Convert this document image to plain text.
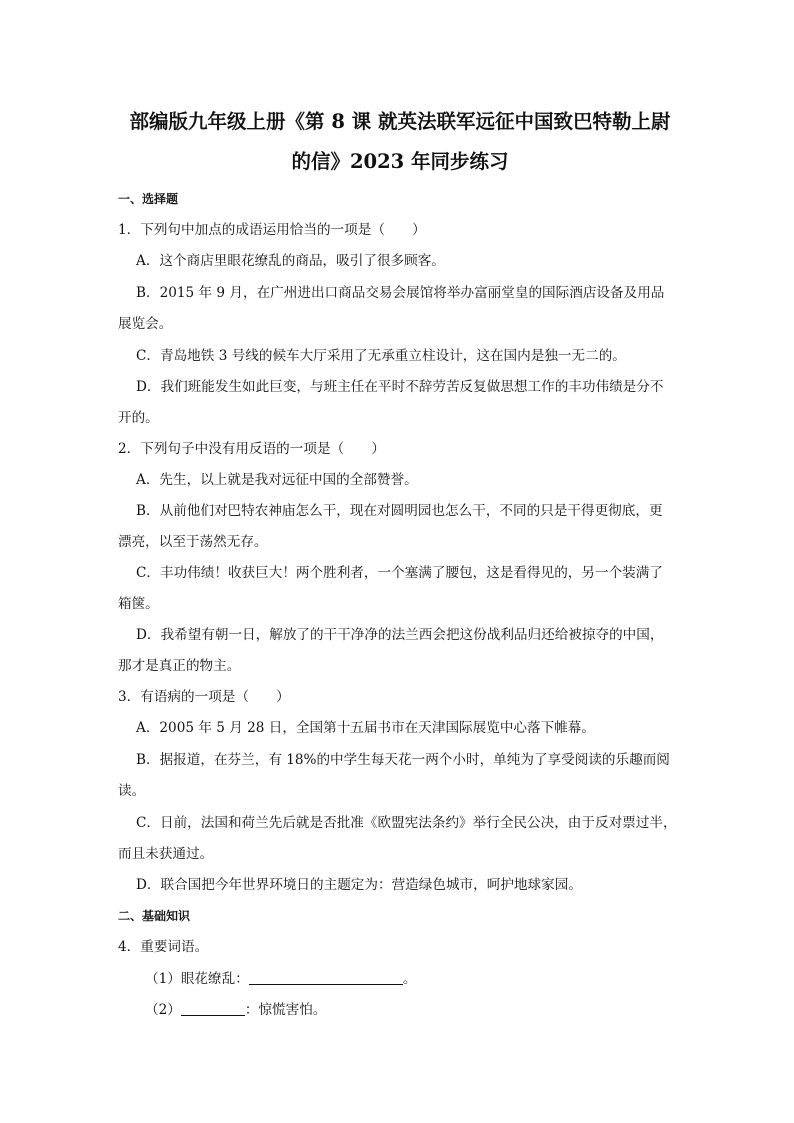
部编版九年级上册《第 8 课 就英法联军远征中国致巴特勒上尉
的信》2023 年同步练习
一、选择题
1．下列句中加点的成语运用恰当的一项是（　　）
A．这个商店里眼花缭乱的商品，吸引了很多顾客。
B．2015 年 9 月，在广州进出口商品交易会展馆将举办富丽堂皇的国际酒店设备及用品
展览会。
C．青岛地铁 3 号线的候车大厅采用了无承重立柱设计，这在国内是独一无二的。
D．我们班能发生如此巨变，与班主任在平时不辞劳苦反复做思想工作的丰功伟绩是分不
开的。
2．下列句子中没有用反语的一项是（　　）
A．先生，以上就是我对远征中国的全部赞誉。
B．从前他们对巴特农神庙怎么干，现在对圆明园也怎么干，不同的只是干得更彻底，更
漂亮，以至于荡然无存。
C．丰功伟绩！收获巨大！两个胜利者，一个塞满了腰包，这是看得见的，另一个装满了
箱箧。
D．我希望有朝一日，解放了的干干净净的法兰西会把这份战利品归还给被掠夺的中国，
那才是真正的物主。
3．有语病的一项是（　　）
A．2005 年 5 月 28 日，全国第十五届书市在天津国际展览中心落下帷幕。
B．据报道，在芬兰，有 18%的中学生每天花一两个小时，单纯为了享受阅读的乐趣而阅
读。
C．日前，法国和荷兰先后就是否批准《欧盟宪法条约》举行全民公决，由于反对票过半，
而且未获通过。
D．联合国把今年世界环境日的主题定为：营造绿色城市，呵护地球家园。
二、基础知识
4．重要词语。
（1）眼花缭乱：	。
（2）	：惊慌害怕。
